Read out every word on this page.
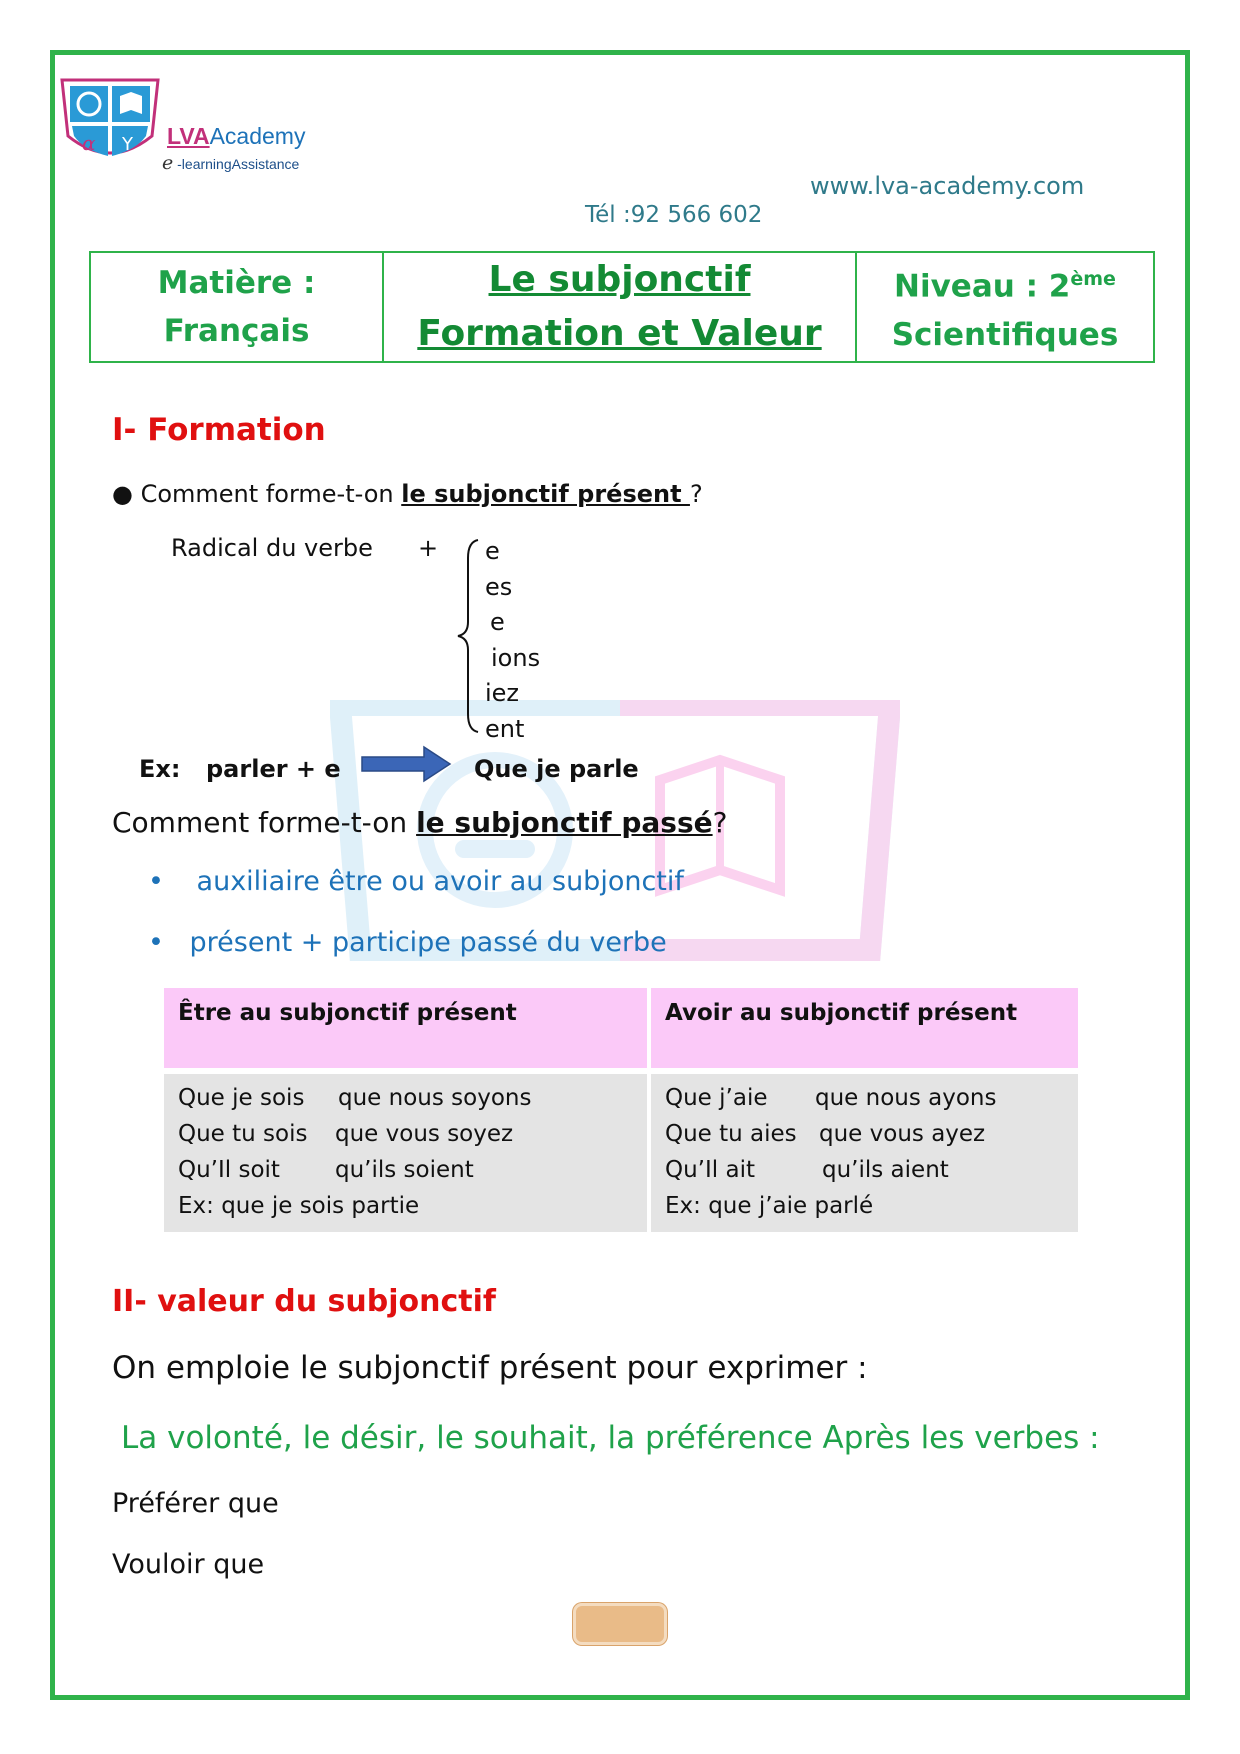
α Y LVAAcademy
e -learningAssistance
www.lva-academy.com
Tél :92 566 602
Matière :
Français
Le subjonctif
Formation et Valeur
Niveau : 2ème
Scientifiques
I- Formation
● Comment forme-t-on le subjonctif présent ?
Radical du verbe + e
es
e
ions
iez
ent
Ex: parler + e	Que je parle
Comment forme-t-on le subjonctif passé?
• auxiliaire être ou avoir au subjonctif
• présent + participe passé du verbe
Être au subjonctif présent	Avoir au subjonctif présent
Que je sois	que nous soyons
Que tu sois	que vous soyez
Qu’Il soit	qu’ils soient
Ex: que je sois partie
Que j’aie	que nous ayons
Que tu aies que vous ayez
Qu’Il ait	qu’ils aient
Ex: que j’aie parlé
II- valeur du subjonctif
On emploie le subjonctif présent pour exprimer :
La volonté, le désir, le souhait, la préférence Après les verbes :
Préférer que
Vouloir que
